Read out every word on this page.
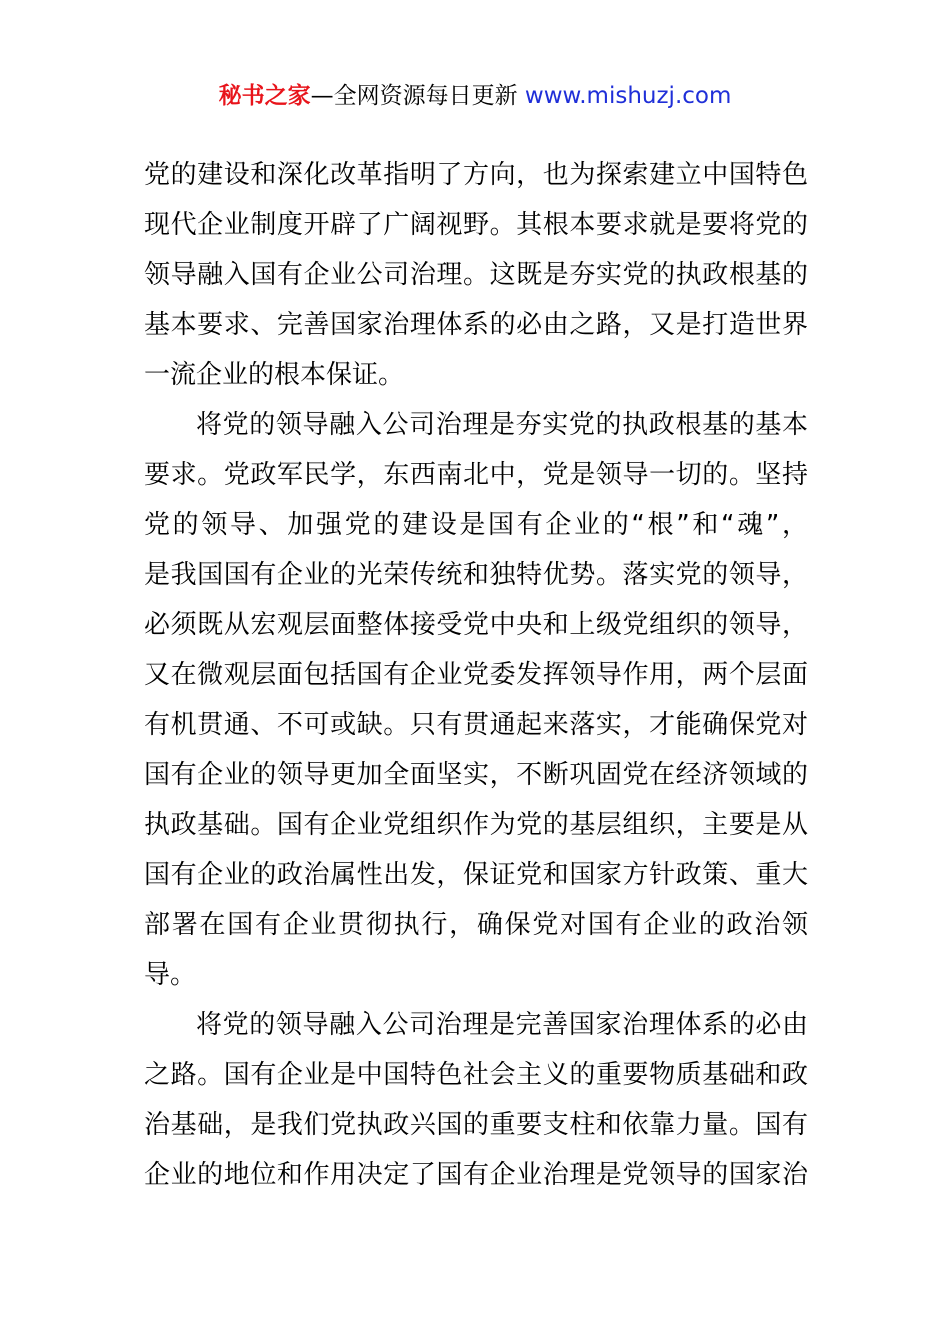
秘书之家—全网资源每日更新 www.mishuzj.com
党的建设和深化改革指明了方向，也为探索建立中国特色
现代企业制度开辟了广阔视野。其根本要求就是要将党的
领导融入国有企业公司治理。这既是夯实党的执政根基的
基本要求、完善国家治理体系的必由之路，又是打造世界
一流企业的根本保证。
将党的领导融入公司治理是夯实党的执政根基的基本
要求。党政军民学，东西南北中，党是领导一切的。坚持
党的领导、加强党的建设是国有企业的“根”和“魂”，
是我国国有企业的光荣传统和独特优势。落实党的领导，
必须既从宏观层面整体接受党中央和上级党组织的领导，
又在微观层面包括国有企业党委发挥领导作用，两个层面
有机贯通、不可或缺。只有贯通起来落实，才能确保党对
国有企业的领导更加全面坚实，不断巩固党在经济领域的
执政基础。国有企业党组织作为党的基层组织，主要是从
国有企业的政治属性出发，保证党和国家方针政策、重大
部署在国有企业贯彻执行，确保党对国有企业的政治领
导。
将党的领导融入公司治理是完善国家治理体系的必由
之路。国有企业是中国特色社会主义的重要物质基础和政
治基础，是我们党执政兴国的重要支柱和依靠力量。国有
企业的地位和作用决定了国有企业治理是党领导的国家治
